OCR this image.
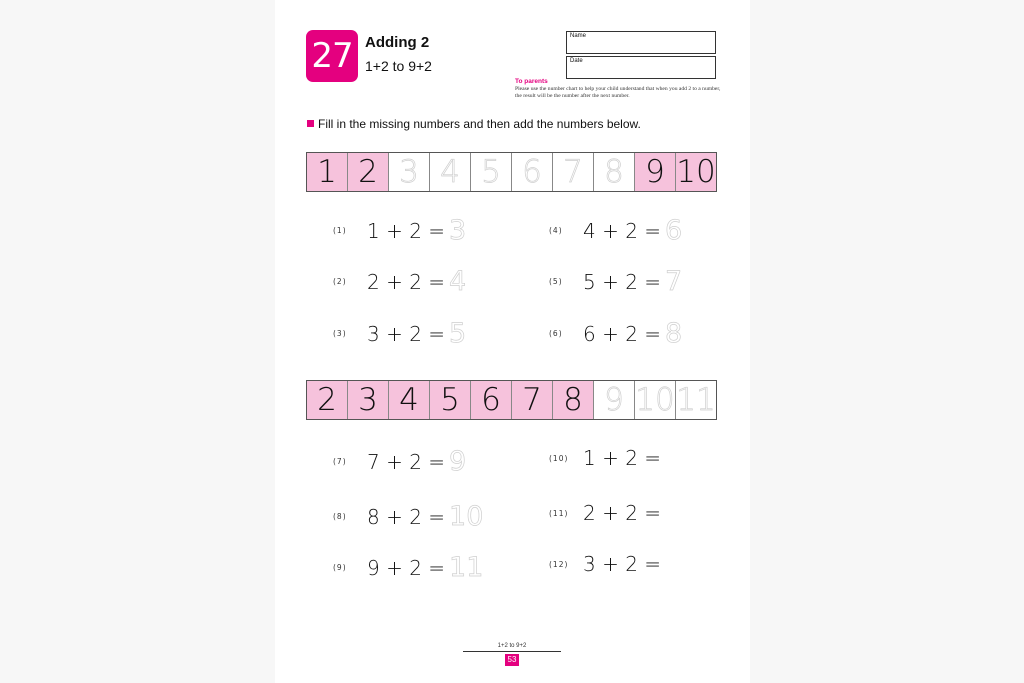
27 Adding 2
1+2 to 9+2
Name
Date
To parents
Please use the number chart to help your child understand that when you add 2 to a number, the result will be the number after the next number.
Fill in the missing numbers and then add the numbers below.
1 2 3 4 5 6 7 8 9 10
(1)	1 + 2 = 3
(2)	2 + 2 = 4
(3)	3 + 2 = 5
(4)	4 + 2 = 6
(5)	5 + 2 = 7
(6)	6 + 2 = 8
2 3 4 5 6 7 8 9 10 11
(7)	7 + 2 = 9
(8)	8 + 2 = 10
(9)	9 + 2 = 11
(10) 1 + 2 =
(11) 2 + 2 =
(12) 3 + 2 =
1+2 to 9+2
53
